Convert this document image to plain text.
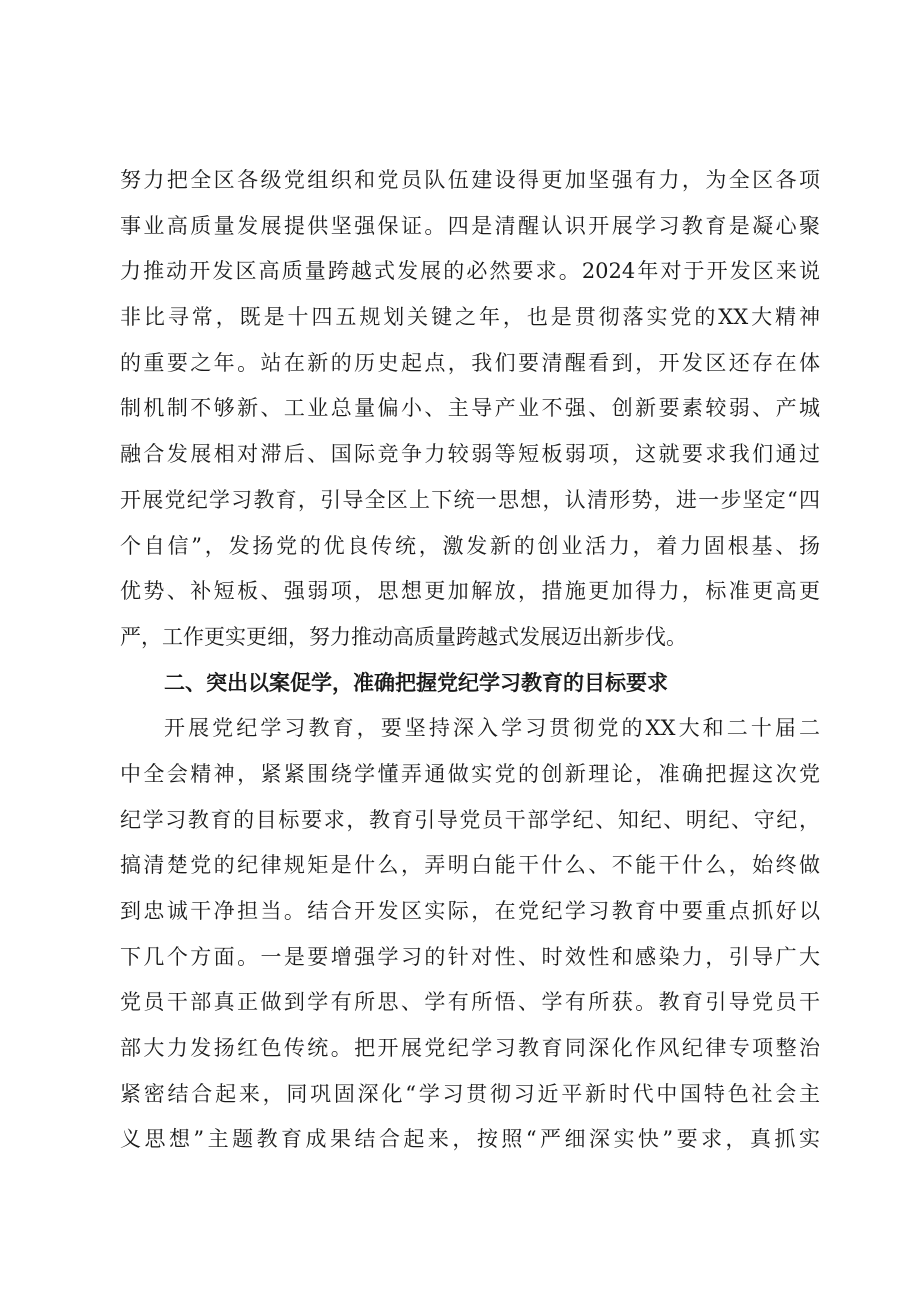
努力把全区各级党组织和党员队伍建设得更加坚强有力，为全区各项
事业高质量发展提供坚强保证。四是清醒认识开展学习教育是凝心聚
力推动开发区高质量跨越式发展的必然要求。2024年对于开发区来说
非比寻常，既是十四五规划关键之年，也是贯彻落实党的XX大精神
的重要之年。站在新的历史起点，我们要清醒看到，开发区还存在体
制机制不够新、工业总量偏小、主导产业不强、创新要素较弱、产城
融合发展相对滞后、国际竞争力较弱等短板弱项，这就要求我们通过
开展党纪学习教育，引导全区上下统一思想，认清形势，进一步坚定“四
个自信”，发扬党的优良传统，激发新的创业活力，着力固根基、扬
优势、补短板、强弱项，思想更加解放，措施更加得力，标准更高更
严，工作更实更细，努力推动高质量跨越式发展迈出新步伐。
二、突出以案促学，准确把握党纪学习教育的目标要求
开展党纪学习教育，要坚持深入学习贯彻党的XX大和二十届二
中全会精神，紧紧围绕学懂弄通做实党的创新理论，准确把握这次党
纪学习教育的目标要求，教育引导党员干部学纪、知纪、明纪、守纪，
搞清楚党的纪律规矩是什么，弄明白能干什么、不能干什么，始终做
到忠诚干净担当。结合开发区实际，在党纪学习教育中要重点抓好以
下几个方面。一是要增强学习的针对性、时效性和感染力，引导广大
党员干部真正做到学有所思、学有所悟、学有所获。教育引导党员干
部大力发扬红色传统。把开展党纪学习教育同深化作风纪律专项整治
紧密结合起来，同巩固深化“学习贯彻习近平新时代中国特色社会主
义思想”主题教育成果结合起来，按照“严细深实快”要求，真抓实
